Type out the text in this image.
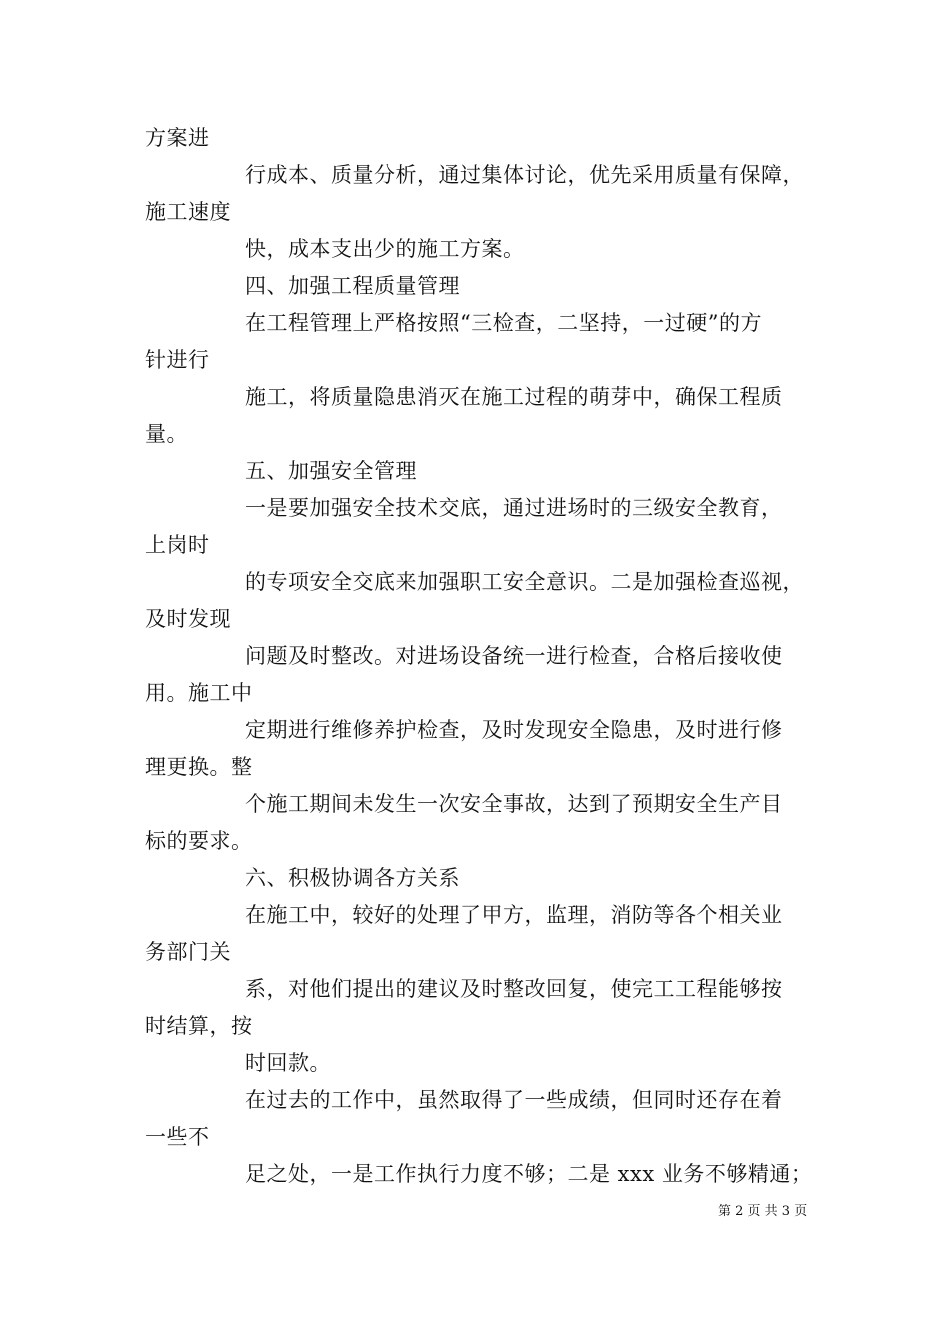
方案进
行成本、质量分析，通过集体讨论，优先采用质量有保障，
施工速度
快，成本支出少的施工方案。
四、加强工程质量管理
在工程管理上严格按照“三检查，二坚持，一过硬”的方
针进行
施工，将质量隐患消灭在施工过程的萌芽中，确保工程质
量。
五、加强安全管理
一是要加强安全技术交底，通过进场时的三级安全教育，
上岗时
的专项安全交底来加强职工安全意识。二是加强检查巡视，
及时发现
问题及时整改。对进场设备统一进行检查，合格后接收使
用。施工中
定期进行维修养护检查，及时发现安全隐患，及时进行修
理更换。整
个施工期间未发生一次安全事故，达到了预期安全生产目
标的要求。
六、积极协调各方关系
在施工中，较好的处理了甲方，监理，消防等各个相关业
务部门关
系，对他们提出的建议及时整改回复，使完工工程能够按
时结算，按
时回款。
在过去的工作中，虽然取得了一些成绩，但同时还存在着
一些不
足之处，一是工作执行力度不够；二是 xxx 业务不够精通；
第 2 页 共 3 页
